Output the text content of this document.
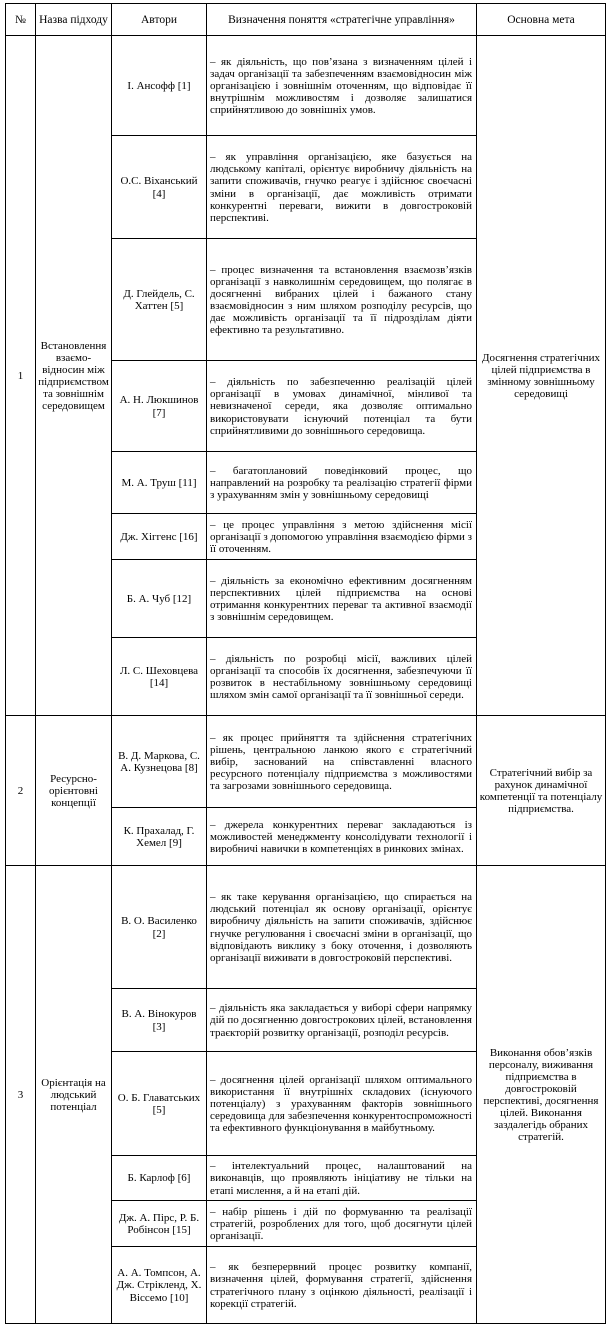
№	Назва підходу	Автори	Визначення поняття «стратегічне управління»	Основна мета
1	Встановлення взаємо-відносин між підприємством та зовнішнім середовищем	І. Ансофф [1]	– як діяльність, що пов’язана з визначенням цілей і задач організації та забезпеченням взаємовідносин між організацією і зовнішнім оточенням, що відповідає її внутрішнім можливостям і дозволяє залишатися сприйнятливою до зовнішніх умов.	Досягнення стратегічних цілей підприємства в змінному зовнішньому середовищі
		О.С. Віханський [4]	– як управління організацією, яке базується на людському капіталі, орієнтує виробничу діяльність на запити споживачів, гнучко реагує і здійснює своєчасні зміни в організації, дає можливість отримати конкурентні переваги, вижити в довгостроковій перспективі.	
		Д. Глейдель, С. Хаттен [5]	– процес визначення та встановлення взаємозв’язків організації з навколишнім середовищем, що полягає в досягненні вибраних цілей і бажаного стану взаємовідносин з ним шляхом розподілу ресурсів, що дає можливість організації та її підрозділам діяти ефективно та результативно.	
		А. Н. Люкшинов [7]	– діяльність по забезпеченню реалізацій цілей організації в умовах динамічної, мінливої та невизначеної середи, яка дозволяє оптимально використовувати існуючий потенціал та бути сприйнятливими до зовнішнього середовища.	
		М. А. Труш [11]	– багатоплановий поведінковий процес, що направлений на розробку та реалізацію стратегії фірми з урахуванням змін у зовнішньому середовищі	
		Дж. Хіггенс [16]	– це процес управління з метою здійснення місії організації з допомогою управління взаємодією фірми з її оточенням.	
		Б. А. Чуб [12]	– діяльність за економічно ефективним досягненням перспективних цілей підприємства на основі отримання конкурентних переваг та активної взаємодії з зовнішнім середовищем.	
		Л. С. Шеховцева [14]	– діяльність по розробці місії, важливих цілей організації та способів їх досягнення, забезпечуючи її розвиток в нестабільному зовнішньому середовищі шляхом змін самої організації та її зовнішньої середи.	
2	Ресурсно-орієнтовні концепції	В. Д. Маркова, С. А. Кузнецова [8]	– як процес прийняття та здійснення стратегічних рішень, центральною ланкою якого є стратегічний вибір, заснований на співставленні власного ресурсного потенціалу підприємства з можливостями та загрозами зовнішнього середовища.	Стратегічний вибір за рахунок динамічної компетенції та потенціалу підприємства.
		К. Прахалад, Г. Хемел [9]	– джерела конкурентних переваг закладаються із можливостей менеджменту консолідувати технології і виробничі навички в компетенціях в ринкових змінах.	
3	Орієнтація на людський потенціал	В. О. Василенко [2]	– як таке керування організацією, що спирається на людський потенціал як основу організації, орієнтує виробничу діяльність на запити споживачів, здійснює гнучке регулювання і своєчасні зміни в організації, що відповідають виклику з боку оточення, і дозволяють організації виживати в довгостроковій перспективі.	Виконання обов’язків персоналу, виживання підприємства в довгостроковій перспективі, досягнення цілей. Виконання заздалегідь обраних стратегій.
		В. А. Вінокуров [3]	– діяльність яка закладається у виборі сфери напрямку дій по досягненню довгострокових цілей, встановлення траєкторій розвитку організації, розподіл ресурсів.	
		О. Б. Главатських [5]	– досягнення цілей організації шляхом оптимального використання її внутрішніх складових (існуючого потенціалу) з урахуванням факторів зовнішнього середовища для забезпечення конкурентоспроможності та ефективного функціонування в майбутньому.	
		Б. Карлоф [6]	– інтелектуальний процес, налаштований на виконавців, що проявляють ініціативу не тільки на етапі мислення, а й на етапі дій.	
		Дж. А. Пірс, Р. Б. Робінсон [15]	– набір рішень і дій по формуванню та реалізації стратегій, розроблених для того, щоб досягнути цілей організації.	
		А. А. Томпсон, А. Дж. Стрікленд, Х. Віссемо [10]	– як безперервний процес розвитку компанії, визначення цілей, формування стратегії, здійснення стратегічного плану з оцінкою діяльності, реалізації і корекції стратегій.	
